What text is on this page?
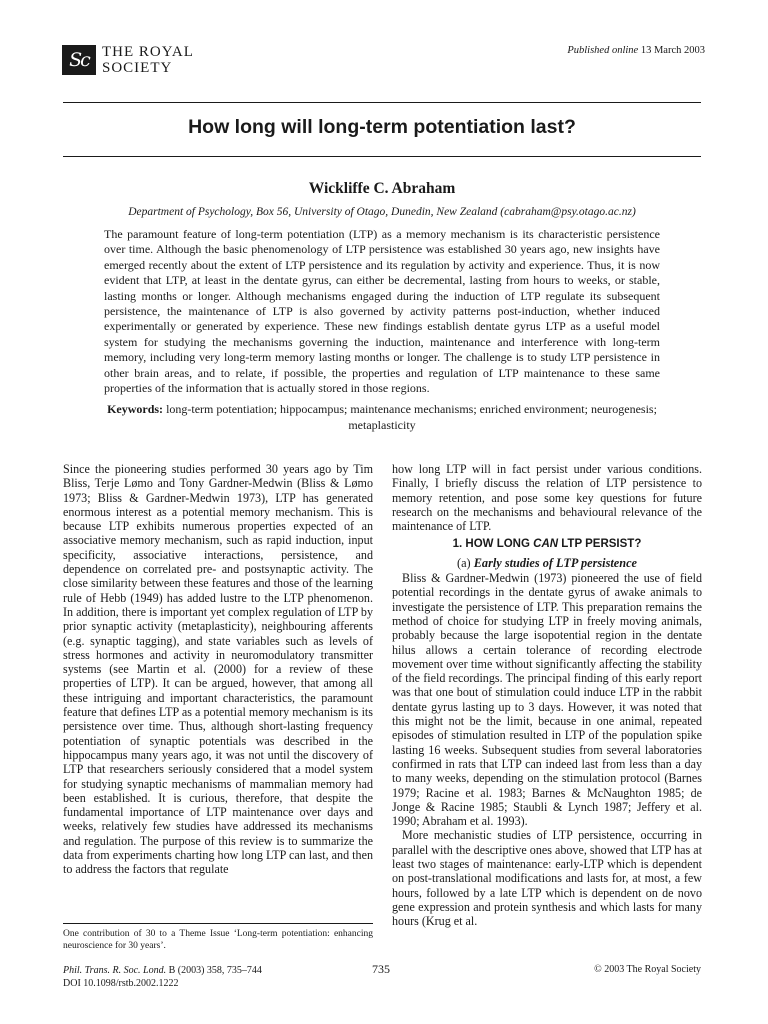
Sc THE ROYAL
SOCIETY
Published online 13 March 2003
How long will long-term potentiation last?
Wickliffe C. Abraham
Department of Psychology, Box 56, University of Otago, Dunedin, New Zealand (cabraham@psy.otago.ac.nz)

The paramount feature of long-term potentiation (LTP) as a memory mechanism is its characteristic persistence over time. Although the basic phenomenology of LTP persistence was established 30 years ago, new insights have emerged recently about the extent of LTP persistence and its regulation by activity and experience. Thus, it is now evident that LTP, at least in the dentate gyrus, can either be decremental, lasting from hours to weeks, or stable, lasting months or longer. Although mechanisms engaged during the induction of LTP regulate its subsequent persistence, the maintenance of LTP is also governed by activity patterns post-induction, whether induced experimentally or generated by experience. These new findings establish dentate gyrus LTP as a useful model system for studying the mechanisms governing the induction, maintenance and interference with long-term memory, including very long-term memory lasting months or longer. The challenge is to study LTP persistence in other brain areas, and to relate, if possible, the properties and regulation of LTP maintenance to these same properties of the information that is actually stored in those regions.

Keywords: long-term potentiation; hippocampus; maintenance mechanisms; enriched environment; neurogenesis; metaplasticity

Since the pioneering studies performed 30 years ago by Tim Bliss, Terje Lømo and Tony Gardner-Medwin (Bliss & Lømo 1973; Bliss & Gardner-Medwin 1973), LTP has generated enormous interest as a potential memory mechanism. This is because LTP exhibits numerous properties expected of an associative memory mechanism, such as rapid induction, input specificity, associative interactions, persistence, and dependence on correlated pre- and postsynaptic activity. The close similarity between these features and those of the learning rule of Hebb (1949) has added lustre to the LTP phenomenon. In addition, there is important yet complex regulation of LTP by prior synaptic activity (metaplasticity), neighbouring afferents (e.g. synaptic tagging), and state variables such as levels of stress hormones and activity in neuromodulatory transmitter systems (see Martin et al. (2000) for a review of these properties of LTP). It can be argued, however, that among all these intriguing and important characteristics, the paramount feature that defines LTP as a potential memory mechanism is its persistence over time. Thus, although short-lasting frequency potentiation of synaptic potentials was described in the hippocampus many years ago, it was not until the discovery of LTP that researchers seriously considered that a model system for studying synaptic mechanisms of mammalian memory had been established. It is curious, therefore, that despite the fundamental importance of LTP maintenance over days and weeks, relatively few studies have addressed its mechanisms and regulation. The purpose of this review is to summarize the data from experiments charting how long LTP can last, and then to address the factors that regulate

how long LTP will in fact persist under various conditions. Finally, I briefly discuss the relation of LTP persistence to memory retention, and pose some key questions for future research on the mechanisms and behavioural relevance of the maintenance of LTP.

1. HOW LONG CAN LTP PERSIST?
(a) Early studies of LTP persistence

Bliss & Gardner-Medwin (1973) pioneered the use of field potential recordings in the dentate gyrus of awake animals to investigate the persistence of LTP. This preparation remains the method of choice for studying LTP in freely moving animals, probably because the large isopotential region in the dentate hilus allows a certain tolerance of recording electrode movement over time without significantly affecting the stability of the field recordings. The principal finding of this early report was that one bout of stimulation could induce LTP in the rabbit dentate gyrus lasting up to 3 days. However, it was noted that this might not be the limit, because in one animal, repeated episodes of stimulation resulted in LTP of the population spike lasting 16 weeks. Subsequent studies from several laboratories confirmed in rats that LTP can indeed last from less than a day to many weeks, depending on the stimulation protocol (Barnes 1979; Racine et al. 1983; Barnes & McNaughton 1985; de Jonge & Racine 1985; Staubli & Lynch 1987; Jeffery et al. 1990; Abraham et al. 1993).

More mechanistic studies of LTP persistence, occurring in parallel with the descriptive ones above, showed that LTP has at least two stages of maintenance: early-LTP which is dependent on post-translational modifications and lasts for, at most, a few hours, followed by a late LTP which is dependent on de novo gene expression and protein synthesis and which lasts for many hours (Krug et al.

One contribution of 30 to a Theme Issue ‘Long-term potentiation: enhancing neuroscience for 30 years’.

Phil. Trans. R. Soc. Lond. B (2003) 358, 735–744
DOI 10.1098/rstb.2002.1222
735	© 2003 The Royal Society
